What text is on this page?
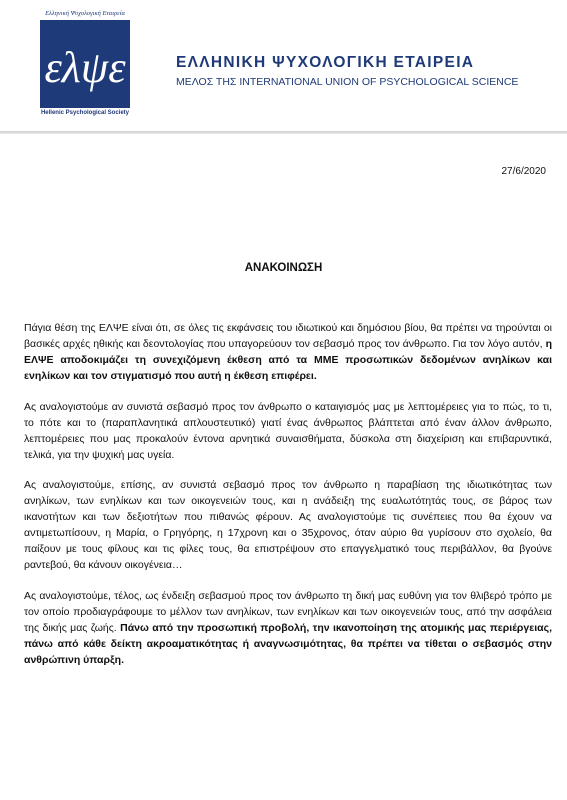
Ελληνική Ψυχολογική Εταιρεία
ελψε
Hellenic Psychological Society
ΕΛΛΗΝΙΚΗ ΨΥΧΟΛΟΓΙΚΗ ΕΤΑΙΡΕΙΑ
ΜΕΛΟΣ ΤΗΣ INTERNATIONAL UNION OF PSYCHOLOGICAL SCIENCE
27/6/2020
ΑΝΑΚΟΙΝΩΣΗ

Πάγια θέση της ΕΛΨΕ είναι ότι, σε όλες τις εκφάνσεις του ιδιωτικού και δημόσιου βίου, θα πρέπει να τηρούνται οι βασικές αρχές ηθικής και δεοντολογίας που υπαγορεύουν τον σεβασμό προς τον άνθρωπο. Για τον λόγο αυτόν, η ΕΛΨΕ αποδοκιμάζει τη συνεχιζόμενη έκθεση από τα ΜΜΕ προσωπικών δεδομένων ανηλίκων και ενηλίκων και τον στιγματισμό που αυτή η έκθεση επιφέρει.

Ας αναλογιστούμε αν συνιστά σεβασμό προς τον άνθρωπο ο καταιγισμός μας με λεπτομέρειες για το πώς, το τι, το πότε και το (παραπλανητικά απλουστευτικό) γιατί ένας άνθρωπος βλάπτεται από έναν άλλον άνθρωπο, λεπτομέρειες που μας προκαλούν έντονα αρνητικά συναισθήματα, δύσκολα στη διαχείριση και επιβαρυντικά, τελικά, για την ψυχική μας υγεία.

Ας αναλογιστούμε, επίσης, αν συνιστά σεβασμό προς τον άνθρωπο η παραβίαση της ιδιωτικότητας των ανηλίκων, των ενηλίκων και των οικογενειών τους, και η ανάδειξη της ευαλωτότητάς τους, σε βάρος των ικανοτήτων και των δεξιοτήτων που πιθανώς φέρουν. Ας αναλογιστούμε τις συνέπειες που θα έχουν να αντιμετωπίσουν, η Μαρία, ο Γρηγόρης, η 17χρονη και ο 35χρονος, όταν αύριο θα γυρίσουν στο σχολείο, θα παίξουν με τους φίλους και τις φίλες τους, θα επιστρέψουν στο επαγγελματικό τους περιβάλλον, θα βγούνε ραντεβού, θα κάνουν οικογένεια…

Ας αναλογιστούμε, τέλος, ως ένδειξη σεβασμού προς τον άνθρωπο τη δική μας ευθύνη για τον θλιβερό τρόπο με τον οποίο προδιαγράφουμε το μέλλον των ανηλίκων, των ενηλίκων και των οικογενειών τους, από την ασφάλεια της δικής μας ζωής. Πάνω από την προσωπική προβολή, την ικανοποίηση της ατομικής μας περιέργειας, πάνω από κάθε δείκτη ακροαματικότητας ή αναγνωσιμότητας, θα πρέπει να τίθεται ο σεβασμός στην ανθρώπινη ύπαρξη.
